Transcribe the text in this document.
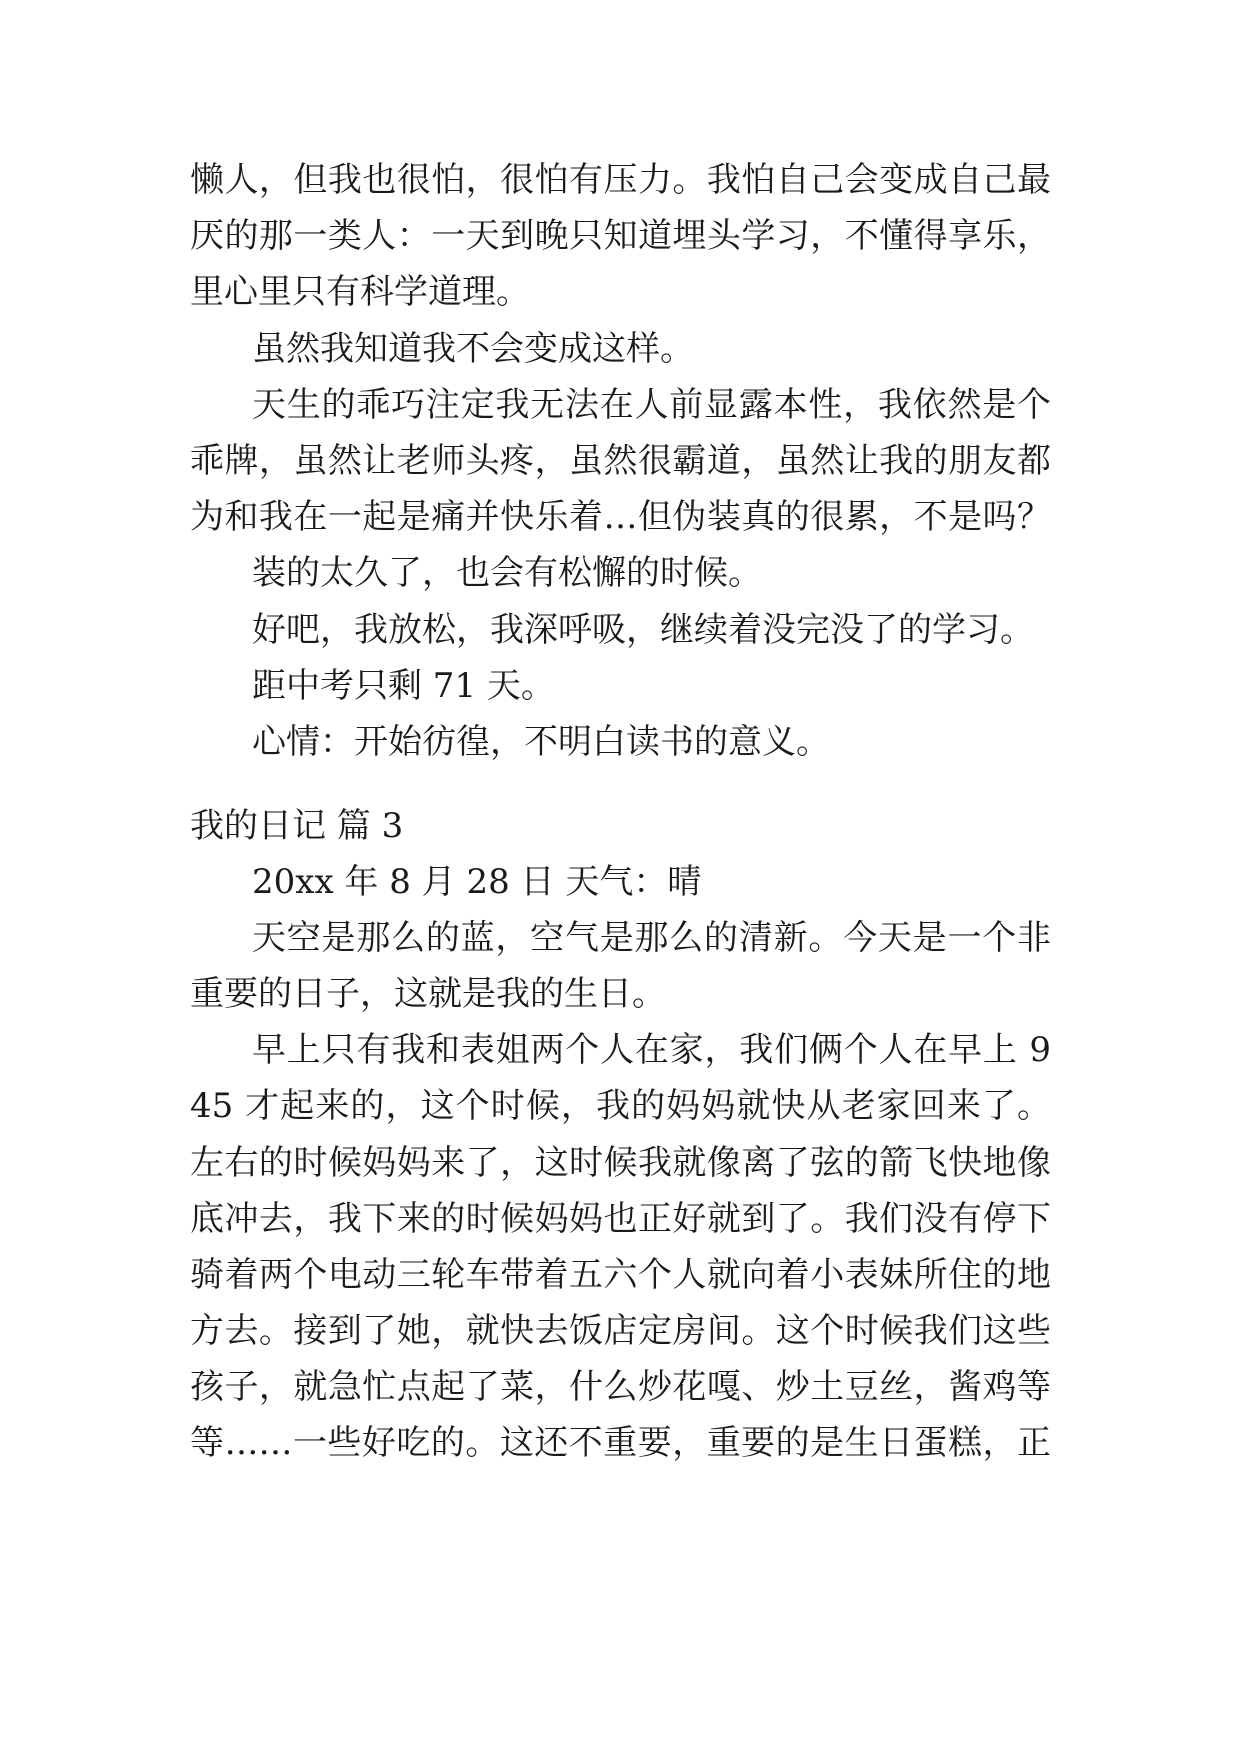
懒人，但我也很怕，很怕有压力。我怕自己会变成自己最

厌的那一类人：一天到晚只知道埋头学习，不懂得享乐，

里心里只有科学道理。

虽然我知道我不会变成这样。

天生的乖巧注定我无法在人前显露本性，我依然是个

乖牌，虽然让老师头疼，虽然很霸道，虽然让我的朋友都

为和我在一起是痛并快乐着…但伪装真的很累，不是吗？

装的太久了，也会有松懈的时候。

好吧，我放松，我深呼吸，继续着没完没了的学习。

距中考只剩 71 天。

心情：开始彷徨，不明白读书的意义。

我的日记 篇 3

20xx 年 8 月 28 日 天气：晴

天空是那么的蓝，空气是那么的清新。今天是一个非

重要的日子，这就是我的生日。

早上只有我和表姐两个人在家，我们俩个人在早上 9

45 才起来的，这个时候，我的妈妈就快从老家回来了。

左右的时候妈妈来了，这时候我就像离了弦的箭飞快地像

底冲去，我下来的时候妈妈也正好就到了。我们没有停下

骑着两个电动三轮车带着五六个人就向着小表妹所住的地

方去。接到了她，就快去饭店定房间。这个时候我们这些

孩子，就急忙点起了菜，什么炒花嘎、炒土豆丝，酱鸡等

等……一些好吃的。这还不重要，重要的是生日蛋糕，正
